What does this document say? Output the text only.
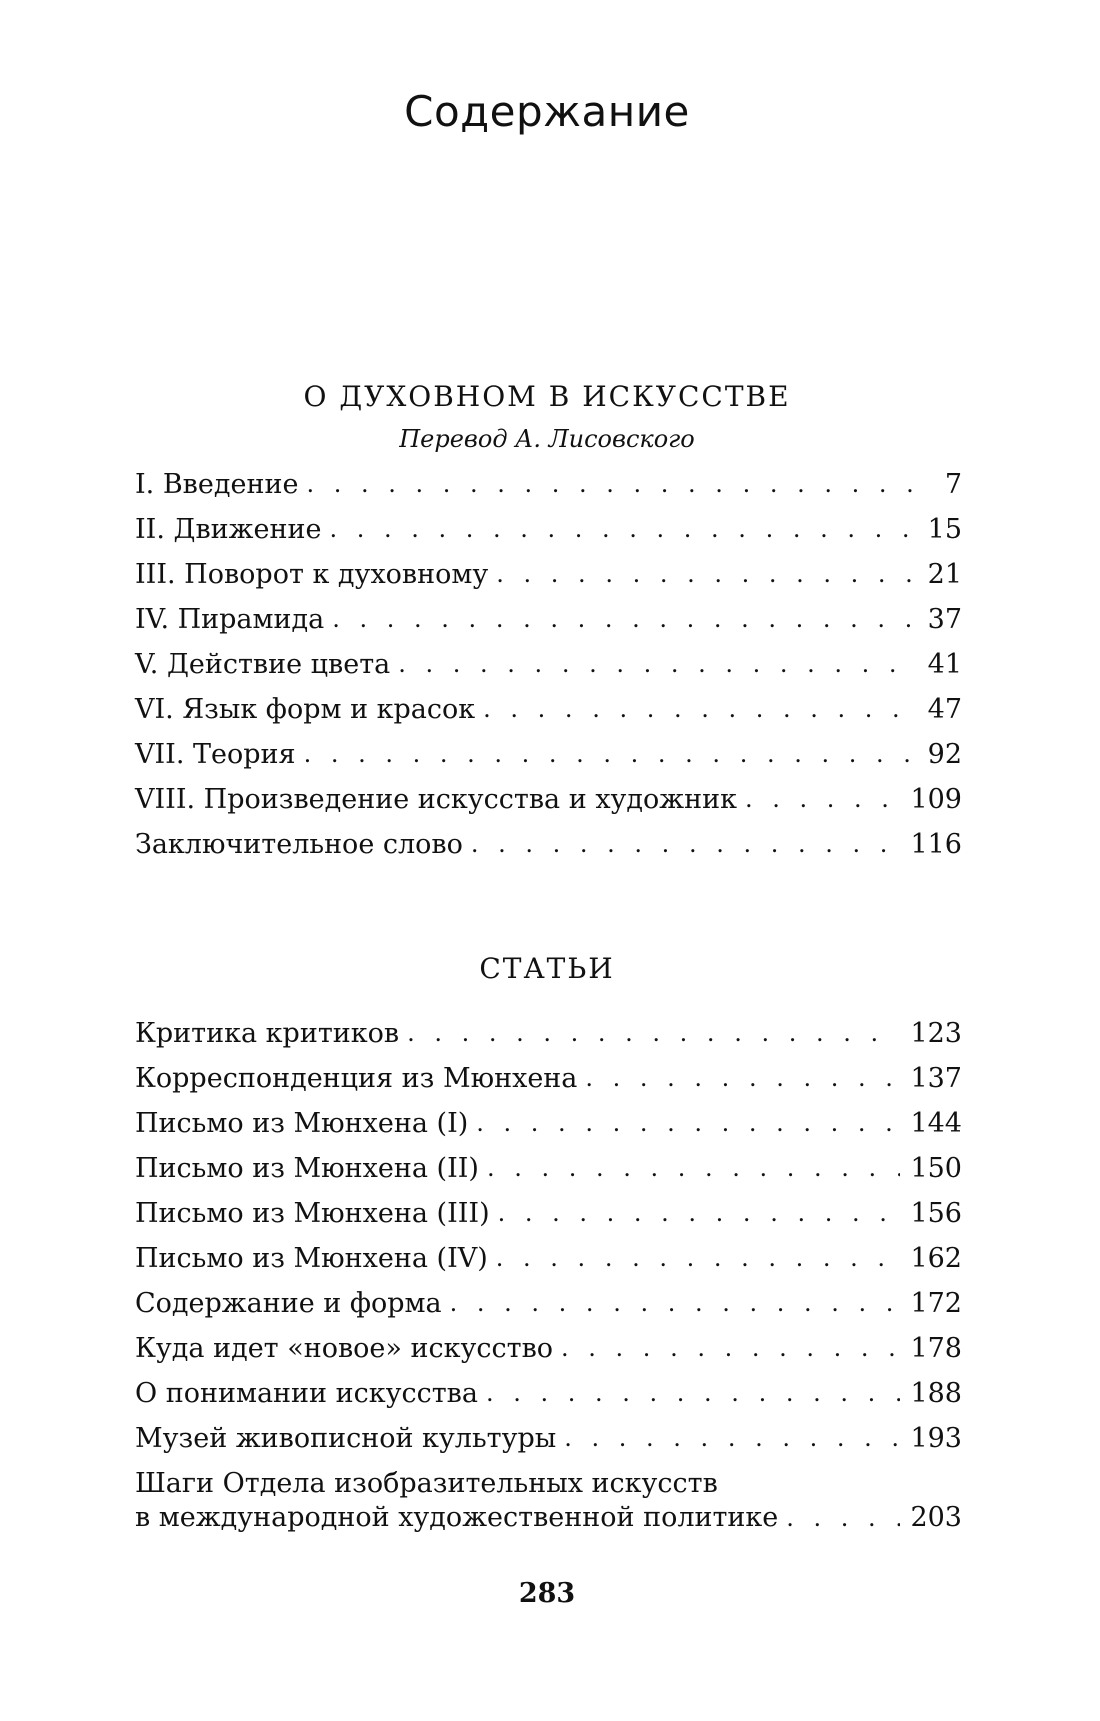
Содержание
О ДУХОВНОМ В ИСКУССТВЕ
Перевод А. Лисовского
I. Введение . . .	7
II. Движение . . .	15
III. Поворот к духовному . . .	21
IV. Пирамида . . .	37
V. Действие цвета . . .	41
VI. Язык форм и красок . . .	47
VII. Теория . . .	92
VIII. Произведение искусства и художник . . .	109
Заключительное слово . . .	116
СТАТЬИ
Критика критиков . . .	123
Корреспонденция из Мюнхена . . .	137
Письмо из Мюнхена (I) . . .	144
Письмо из Мюнхена (II) . . .	150
Письмо из Мюнхена (III) . . .	156
Письмо из Мюнхена (IV) . . .	162
Содержание и форма . . .	172
Куда идет «новое» искусство . . .	178
О понимании искусства . . .	188
Музей живописной культуры . . .	193
Шаги Отдела изобразительных искусств
в международной художественной политике . . .	203
283
